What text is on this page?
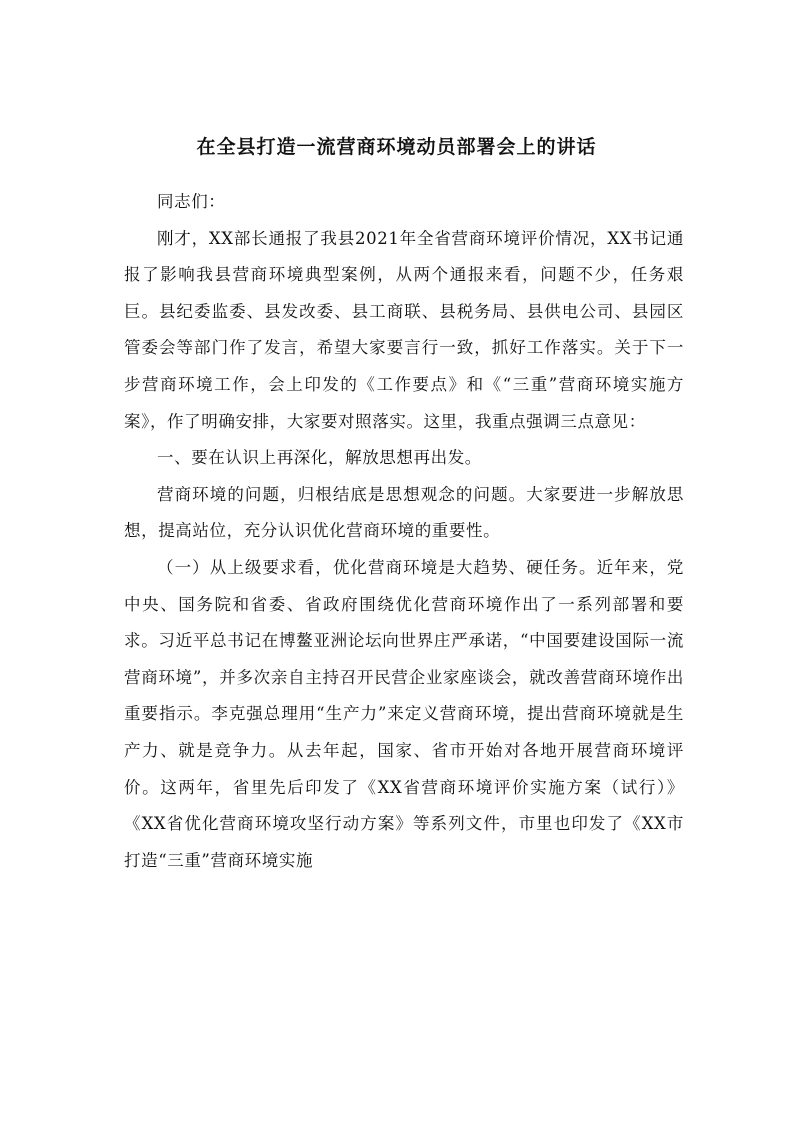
在全县打造一流营商环境动员部署会上的讲话

同志们：

刚才，XX部长通报了我县2021年全省营商环境评价情况，XX书记通报了影响我县营商环境典型案例，从两个通报来看，问题不少，任务艰巨。县纪委监委、县发改委、县工商联、县税务局、县供电公司、县园区管委会等部门作了发言，希望大家要言行一致，抓好工作落实。关于下一步营商环境工作，会上印发的《工作要点》和《“三重”营商环境实施方案》，作了明确安排，大家要对照落实。这里，我重点强调三点意见：

一、要在认识上再深化，解放思想再出发。

营商环境的问题，归根结底是思想观念的问题。大家要进一步解放思想，提高站位，充分认识优化营商环境的重要性。

（一）从上级要求看，优化营商环境是大趋势、硬任务。近年来，党中央、国务院和省委、省政府围绕优化营商环境作出了一系列部署和要求。习近平总书记在博鳌亚洲论坛向世界庄严承诺，“中国要建设国际一流营商环境”，并多次亲自主持召开民营企业家座谈会，就改善营商环境作出重要指示。李克强总理用“生产力”来定义营商环境，提出营商环境就是生产力、就是竞争力。从去年起，国家、省市开始对各地开展营商环境评价。这两年，省里先后印发了《XX省营商环境评价实施方案（试行）》《XX省优化营商环境攻坚行动方案》等系列文件，市里也印发了《XX市打造“三重”营商环境实施
